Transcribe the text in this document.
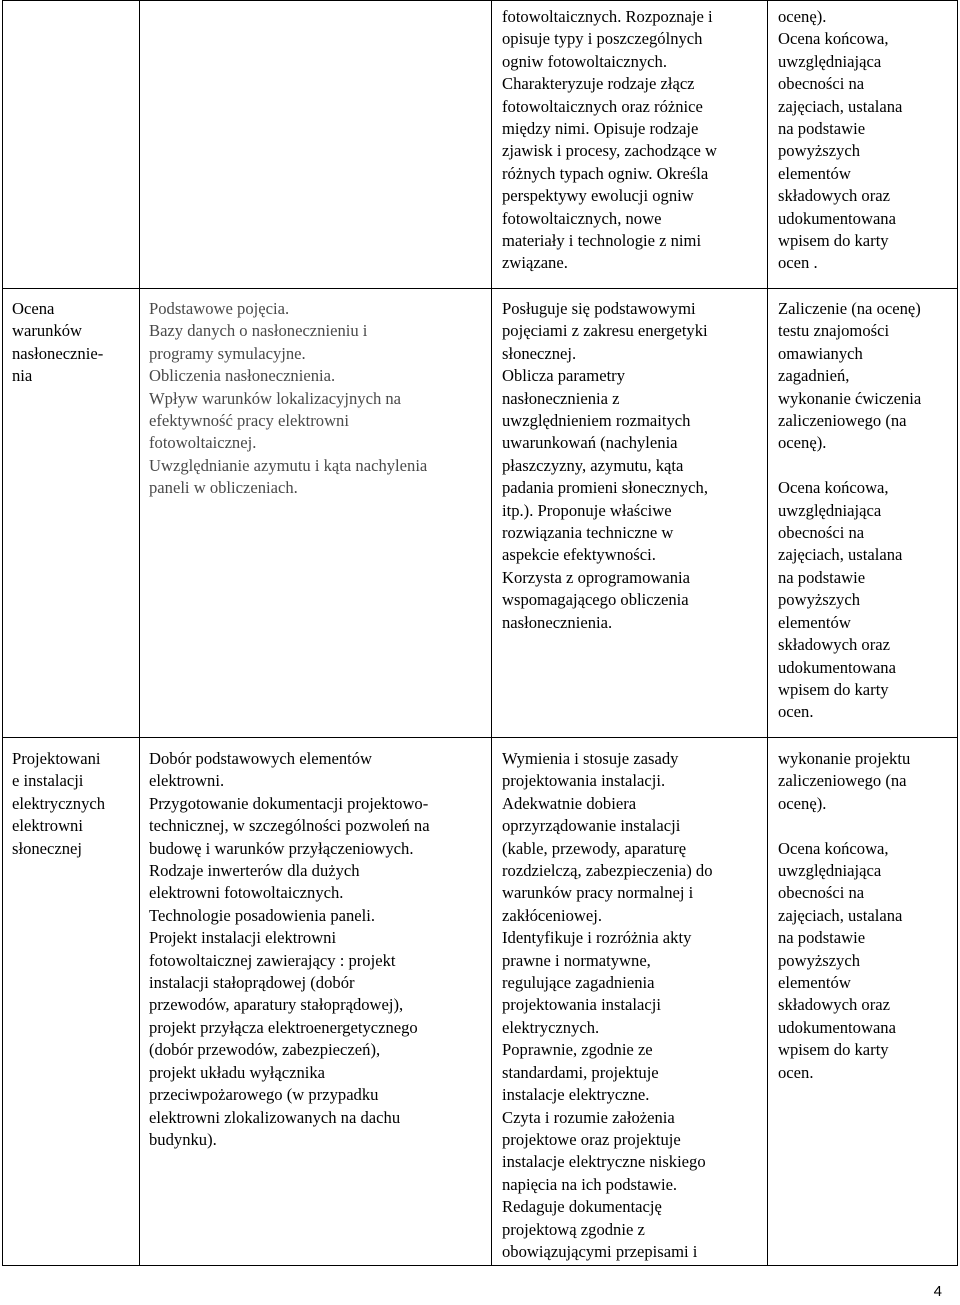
fotowoltaicznych. Rozpoznaje i
opisuje typy i poszczególnych
ogniw fotowoltaicznych.
Charakteryzuje rodzaje złącz
fotowoltaicznych oraz różnice
między nimi. Opisuje rodzaje
zjawisk i procesy, zachodzące w
różnych typach ogniw. Określa
perspektywy ewolucji ogniw
fotowoltaicznych, nowe
materiały i technologie z nimi
związane.
ocenę).
Ocena końcowa,
uwzględniająca
obecności na
zajęciach, ustalana
na podstawie
powyższych
elementów
składowych oraz
udokumentowana
wpisem do karty
ocen .
Ocena
warunków
nasłonecznie-
nia
Podstawowe pojęcia.
Bazy danych o nasłonecznieniu i
programy symulacyjne.
Obliczenia nasłonecznienia.
Wpływ warunków lokalizacyjnych na
efektywność pracy elektrowni
fotowoltaicznej.
Uwzględnianie azymutu i kąta nachylenia
paneli w obliczeniach.
Posługuje się podstawowymi
pojęciami z zakresu energetyki
słonecznej.
Oblicza parametry
nasłonecznienia z
uwzględnieniem rozmaitych
uwarunkowań (nachylenia
płaszczyzny, azymutu, kąta
padania promieni słonecznych,
itp.). Proponuje właściwe
rozwiązania techniczne w
aspekcie efektywności.
Korzysta z oprogramowania
wspomagającego obliczenia
nasłonecznienia.
Zaliczenie (na ocenę)
testu znajomości
omawianych
zagadnień,
wykonanie ćwiczenia
zaliczeniowego (na
ocenę).

Ocena końcowa,
uwzględniająca
obecności na
zajęciach, ustalana
na podstawie
powyższych
elementów
składowych oraz
udokumentowana
wpisem do karty
ocen.
Projektowani
e instalacji
elektrycznych
elektrowni
słonecznej
Dobór podstawowych elementów
elektrowni.
Przygotowanie dokumentacji projektowo-
technicznej, w szczególności pozwoleń na
budowę i warunków przyłączeniowych.
Rodzaje inwerterów dla dużych
elektrowni fotowoltaicznych.
Technologie posadowienia paneli.
Projekt instalacji elektrowni
fotowoltaicznej zawierający : projekt
instalacji stałoprądowej (dobór
przewodów, aparatury stałoprądowej),
projekt przyłącza elektroenergetycznego
(dobór przewodów, zabezpieczeń),
projekt układu wyłącznika
przeciwpożarowego (w przypadku
elektrowni zlokalizowanych na dachu
budynku).
Wymienia i stosuje zasady
projektowania instalacji.
Adekwatnie dobiera
oprzyrządowanie instalacji
(kable, przewody, aparaturę
rozdzielczą, zabezpieczenia) do
warunków pracy normalnej i
zakłóceniowej.
Identyfikuje i rozróżnia akty
prawne i normatywne,
regulujące zagadnienia
projektowania instalacji
elektrycznych.
Poprawnie, zgodnie ze
standardami, projektuje
instalacje elektryczne.
Czyta i rozumie założenia
projektowe oraz projektuje
instalacje elektryczne niskiego
napięcia na ich podstawie.
Redaguje dokumentację
projektową zgodnie z
obowiązującymi przepisami i
wykonanie projektu
zaliczeniowego (na
ocenę).

Ocena końcowa,
uwzględniająca
obecności na
zajęciach, ustalana
na podstawie
powyższych
elementów
składowych oraz
udokumentowana
wpisem do karty
ocen.
4
